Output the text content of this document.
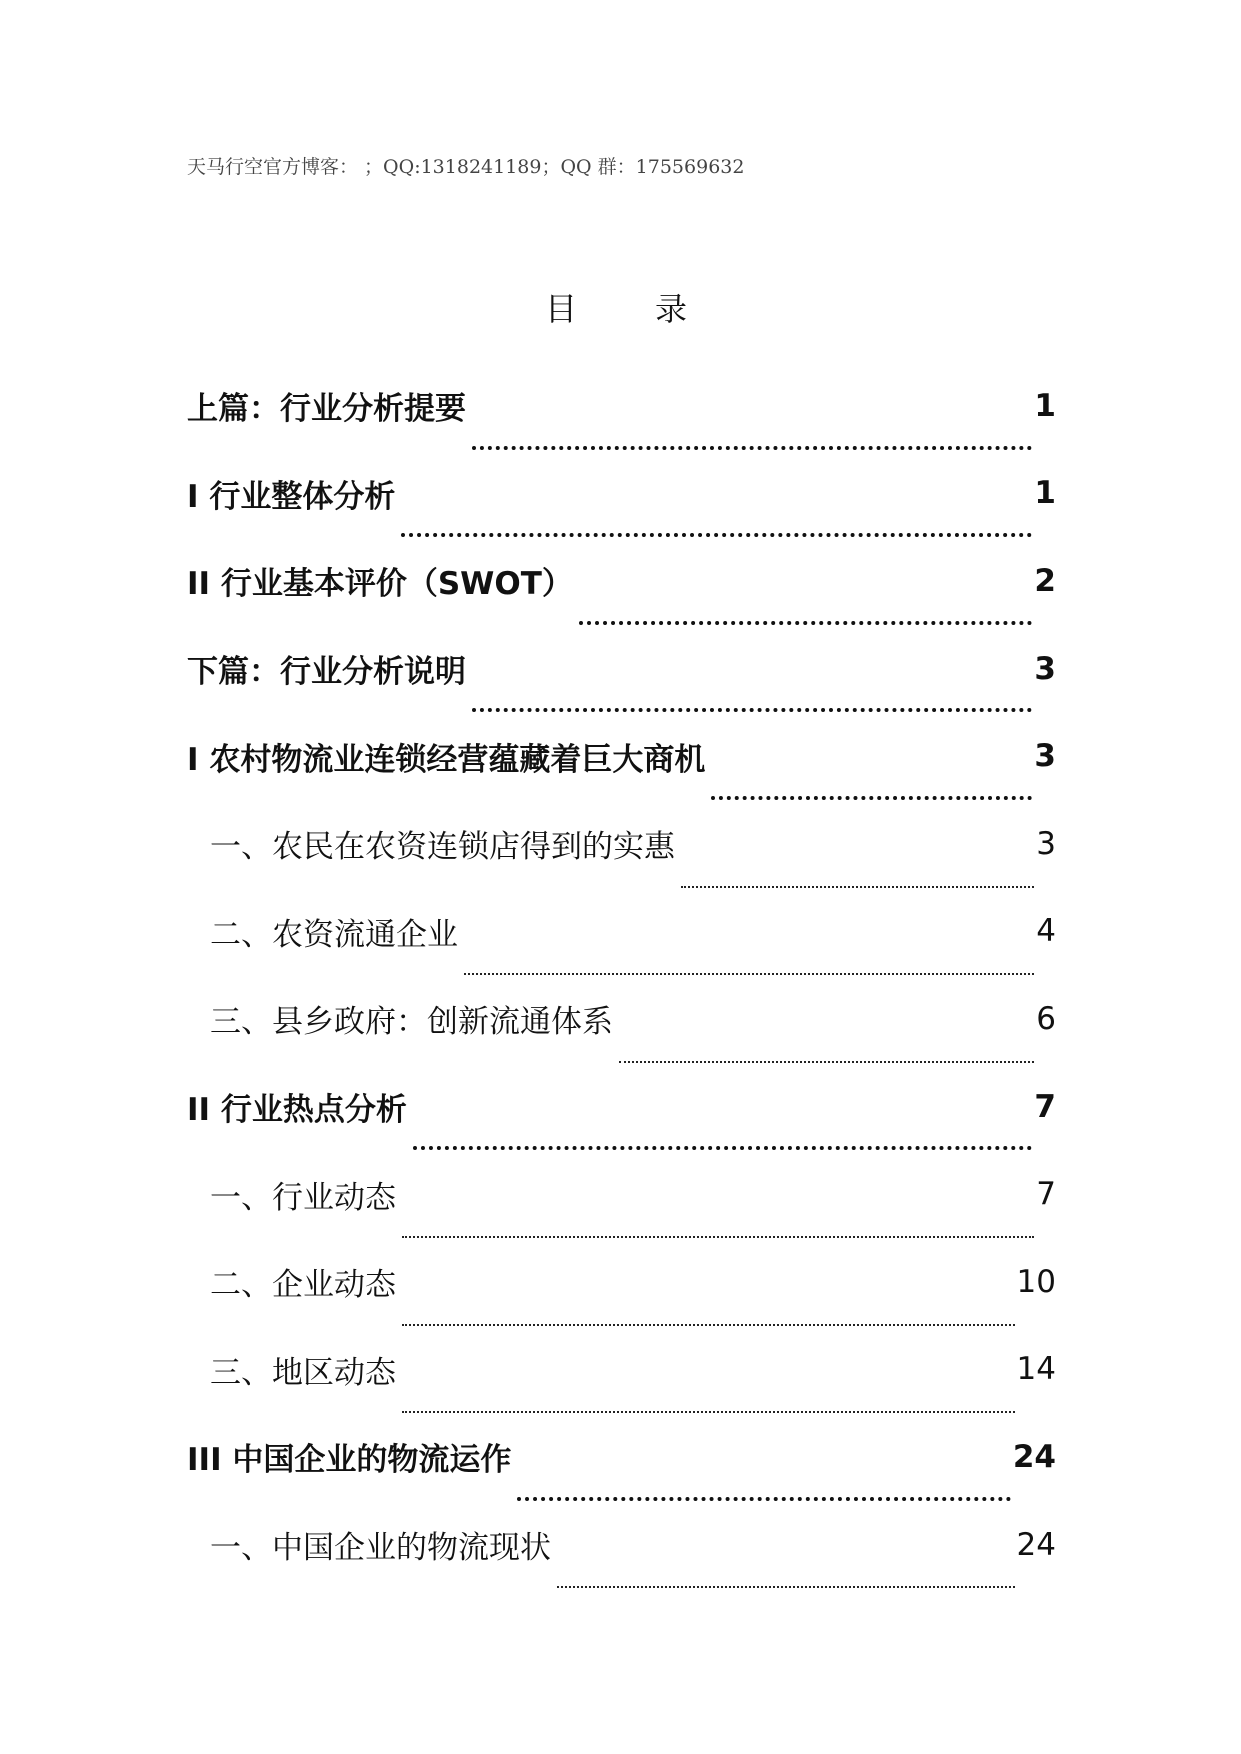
天马行空官方博客： ；QQ:1318241189；QQ 群：175569632
目 录
上篇：行业分析提要	1
I 行业整体分析	1
II 行业基本评价（SWOT）	2
下篇：行业分析说明	3
I 农村物流业连锁经营蕴藏着巨大商机	3
一、农民在农资连锁店得到的实惠	3
二、农资流通企业	4
三、县乡政府：创新流通体系	6
II 行业热点分析	7
一、行业动态	7
二、企业动态	10
三、地区动态	14
III 中国企业的物流运作	24
一、中国企业的物流现状	24
